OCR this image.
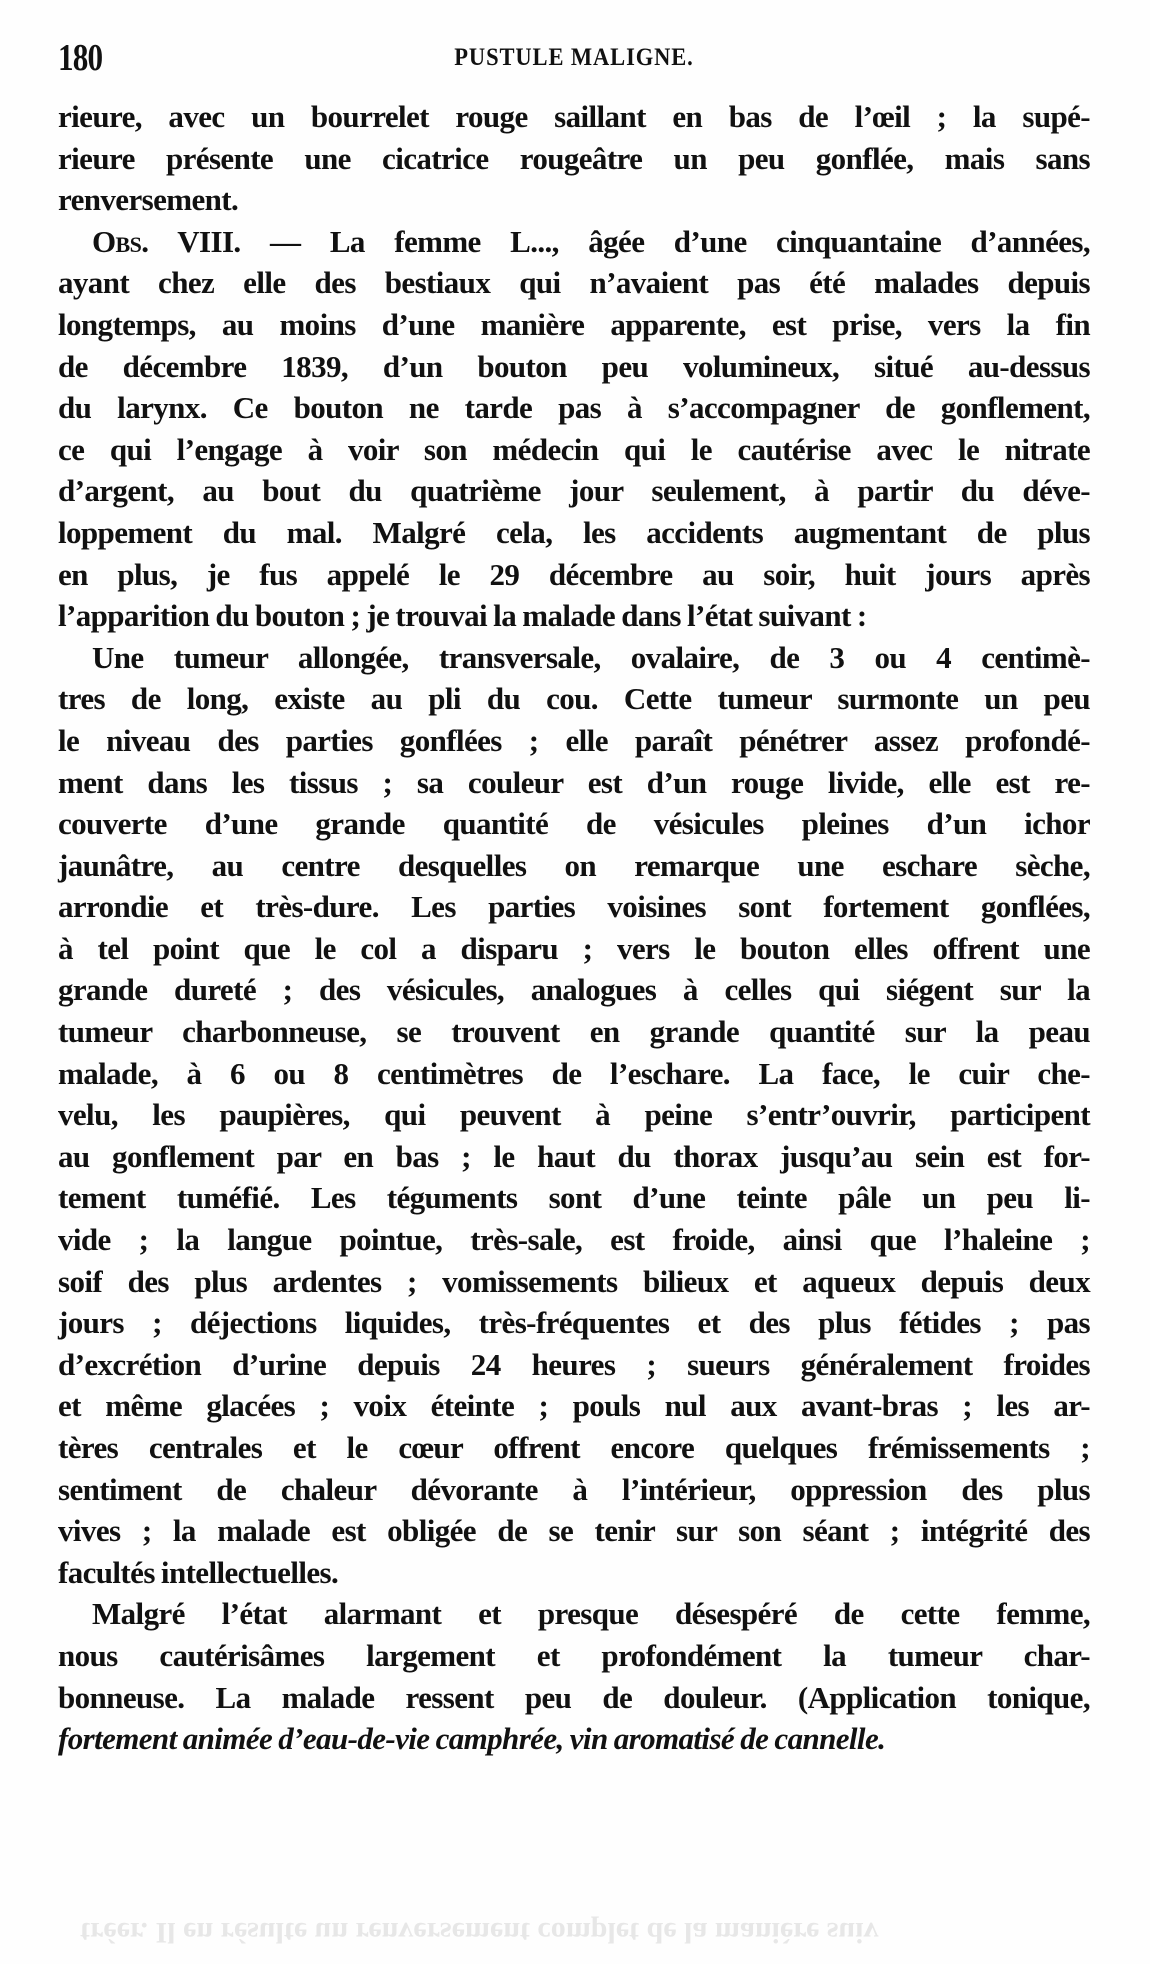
180	PUSTULE MALIGNE.
rieure, avec un bourrelet rouge saillant en bas de l’œil ; la supé-
rieure présente une cicatrice rougeâtre un peu gonflée, mais sans
renversement.
Obs. VIII. — La femme L..., âgée d’une cinquantaine d’années,
ayant chez elle des bestiaux qui n’avaient pas été malades depuis
longtemps, au moins d’une manière apparente, est prise, vers la fin
de décembre 1839, d’un bouton peu volumineux, situé au-dessus
du larynx. Ce bouton ne tarde pas à s’accompagner de gonflement,
ce qui l’engage à voir son médecin qui le cautérise avec le nitrate
d’argent, au bout du quatrième jour seulement, à partir du déve-
loppement du mal. Malgré cela, les accidents augmentant de plus
en plus, je fus appelé le 29 décembre au soir, huit jours après
l’apparition du bouton ; je trouvai la malade dans l’état suivant :
Une tumeur allongée, transversale, ovalaire, de 3 ou 4 centimè-
tres de long, existe au pli du cou. Cette tumeur surmonte un peu
le niveau des parties gonflées ; elle paraît pénétrer assez profondé-
ment dans les tissus ; sa couleur est d’un rouge livide, elle est re-
couverte d’une grande quantité de vésicules pleines d’un ichor
jaunâtre, au centre desquelles on remarque une eschare sèche,
arrondie et très-dure. Les parties voisines sont fortement gonflées,
à tel point que le col a disparu ; vers le bouton elles offrent une
grande dureté ; des vésicules, analogues à celles qui siégent sur la
tumeur charbonneuse, se trouvent en grande quantité sur la peau
malade, à 6 ou 8 centimètres de l’eschare. La face, le cuir che-
velu, les paupières, qui peuvent à peine s’entr’ouvrir, participent
au gonflement par en bas ; le haut du thorax jusqu’au sein est for-
tement tuméfié. Les téguments sont d’une teinte pâle un peu li-
vide ; la langue pointue, très-sale, est froide, ainsi que l’haleine ;
soif des plus ardentes ; vomissements bilieux et aqueux depuis deux
jours ; déjections liquides, très-fréquentes et des plus fétides ; pas
d’excrétion d’urine depuis 24 heures ; sueurs généralement froides
et même glacées ; voix éteinte ; pouls nul aux avant-bras ; les ar-
tères centrales et le cœur offrent encore quelques frémissements ;
sentiment de chaleur dévorante à l’intérieur, oppression des plus
vives ; la malade est obligée de se tenir sur son séant ; intégrité des
facultés intellectuelles.
Malgré l’état alarmant et presque désespéré de cette femme,
nous cautérisâmes largement et profondément la tumeur char-
bonneuse. La malade ressent peu de douleur. (Application tonique,
fortement animée d’eau-de-vie camphrée, vin aromatisé de cannelle.
tréer. Il en résulte un renversement complet de la manière suiv
